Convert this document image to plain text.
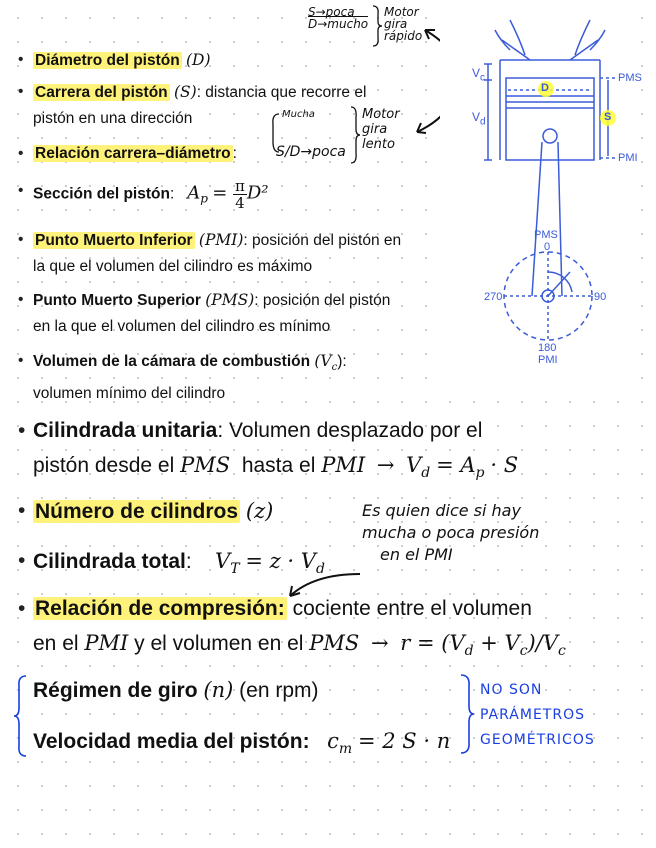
• Diámetro del pistón (D)
• Carrera del pistón (S): distancia que recorre el
pistón en una dirección
• Relación carrera–diámetro :
• Sección del pistón:   $A_p = \frac{\pi}{4} D^2$
• Punto Muerto Inferior (PMI): posición del pistón en
la que el volumen del cilindro es máximo
• Punto Muerto Superior (PMS): posición del pistón
en la que el volumen del cilindro es mínimo
• Volumen de la cámara de combustión $(V_c)$:
volumen mínimo del cilindro
• Cilindrada unitaria: Volumen desplazado por el
pistón desde el PMS hasta el PMI → $V_d = A_p \cdot S$
• Número de cilindros (z)
• Cilindrada total: $V_T = z \cdot V_d$
• Relación de compresión: cociente entre el volumen
en el PMI y el volumen en el PMS → $r = (V_d + V_c)/V_c$
Régimen de giro (n) (en rpm)
Velocidad media del pistón: $c_m = 2$ S · n
S→poca
D→mucho
Motor
gira
rápido
Mucha
S/D→poca
Motor
gira
lento
Es quien dice si hay
mucha o poca presión
en el PMI
NO SON
PARÁMETROS
GEOMÉTRICOS
$V_c$
$V_d$
D
S
PMS
PMI
PMS
0
270	90
180
PMI
